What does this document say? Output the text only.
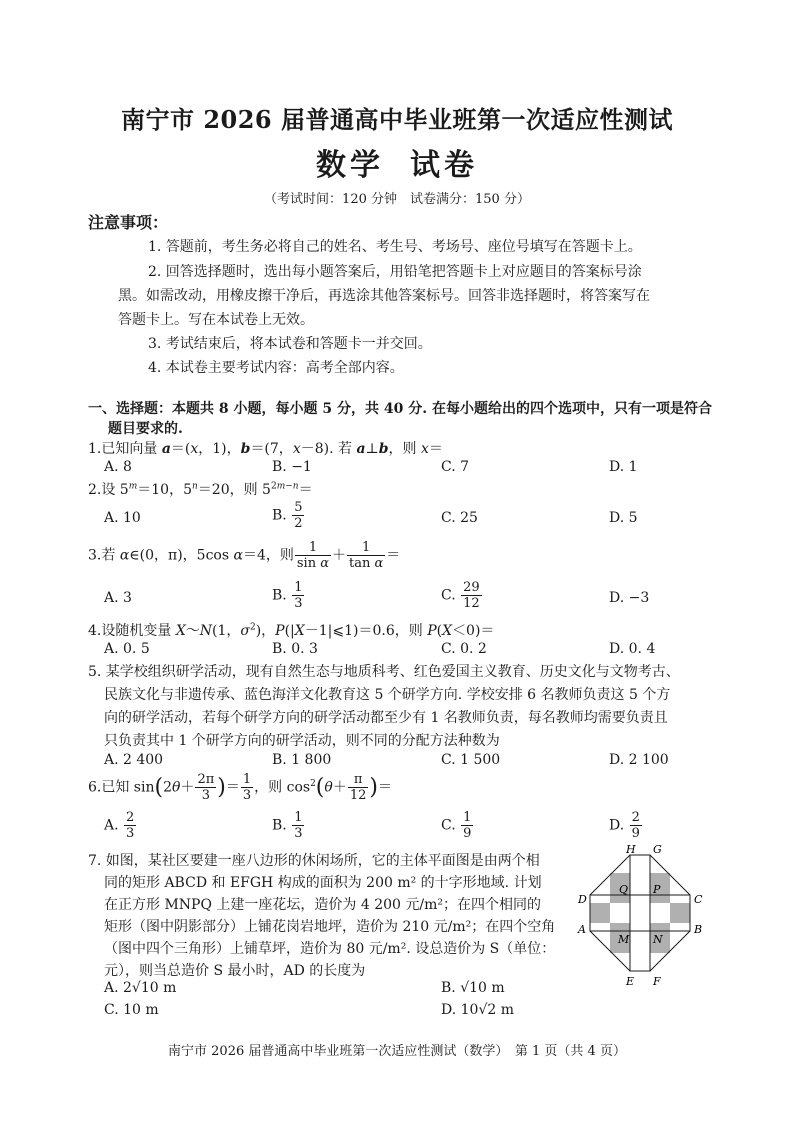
南宁市 2026 届普通高中毕业班第一次适应性测试
数学 试卷
（考试时间：120 分钟　试卷满分：150 分）
注意事项：
1. 答题前，考生务必将自己的姓名、考生号、考场号、座位号填写在答题卡上。
2. 回答选择题时，选出每小题答案后，用铅笔把答题卡上对应题目的答案标号涂
黑。如需改动，用橡皮擦干净后，再选涂其他答案标号。回答非选择题时，将答案写在
答题卡上。写在本试卷上无效。
3. 考试结束后，将本试卷和答题卡一并交回。
4. 本试卷主要考试内容：高考全部内容。
一、选择题：本题共 8 小题，每小题 5 分，共 40 分. 在每小题给出的四个选项中，只有一项是符合
题目要求的.
1.已知向量 a＝(x，1)，b＝(7，x－8). 若 a⊥b，则 x＝
A. 8	B. −1	C. 7	D. 1
2.设 $5^m=10$，$5^n=20$，则 $5^{2m-n}=$
A. 10	B. $\frac{5}{2}$	C. 25	D. 5
3.若 α∈(0，π)，5cos α＝4，则 $\frac{1}{\text{sin α}} + \frac{1}{\text{tan α}}$ ＝
A. 3	B. $\frac{1}{3}$	C. $\frac{29}{12}$	D. −3
4.设随机变量 X～N(1，$\sigma^2$)，P(|X－1|⩽1)＝0.6，则 P(X＜0)＝
A. 0. 5	B. 0. 3	C. 0. 2	D. 0. 4
5. 某学校组织研学活动，现有自然生态与地质科考、红色爱国主义教育、历史文化与文物考古、
民族文化与非遗传承、蓝色海洋文化教育这 5 个研学方向. 学校安排 6 名教师负责这 5 个方
向的研学活动，若每个研学方向的研学活动都至少有 1 名教师负责，每名教师均需要负责且
只负责其中 1 个研学方向的研学活动，则不同的分配方法种数为
A. 2 400	B. 1 800	C. 1 500	D. 2 100
6.已知 $\sin(2\theta+ \frac{2\pi}{3}$ )＝ $\frac{1}{3}$ ，则 $\cos^2(\theta+ \frac{\pi}{12}$ )＝
A. $\frac{2}{3}$	B. $\frac{1}{3}$	C. $\frac{1}{9}$	D. $\frac{2}{9}$
7. 如图，某社区要建一座八边形的休闲场所，它的主体平面图是由两个相
同的矩形 ABCD 和 EFGH 构成的面积为 200 m² 的十字形地域. 计划
在正方形 MNPQ 上建一座花坛，造价为 4 200 元/m²；在四个相同的
矩形（图中阴影部分）上铺花岗岩地坪，造价为 210 元/m²；在四个空角
（图中四个三角形）上铺草坪，造价为 80 元/m². 设总造价为 S（单位：
元），则当总造价 S 最小时，AD 的长度为
A. 2√10 m	B. √10 m
C. 10 m	D. 10√2 m
H G
Q P
D	C
A	B
M N
E F
南宁市 2026 届普通高中毕业班第一次适应性测试（数学）　第 1 页（共 4 页）
